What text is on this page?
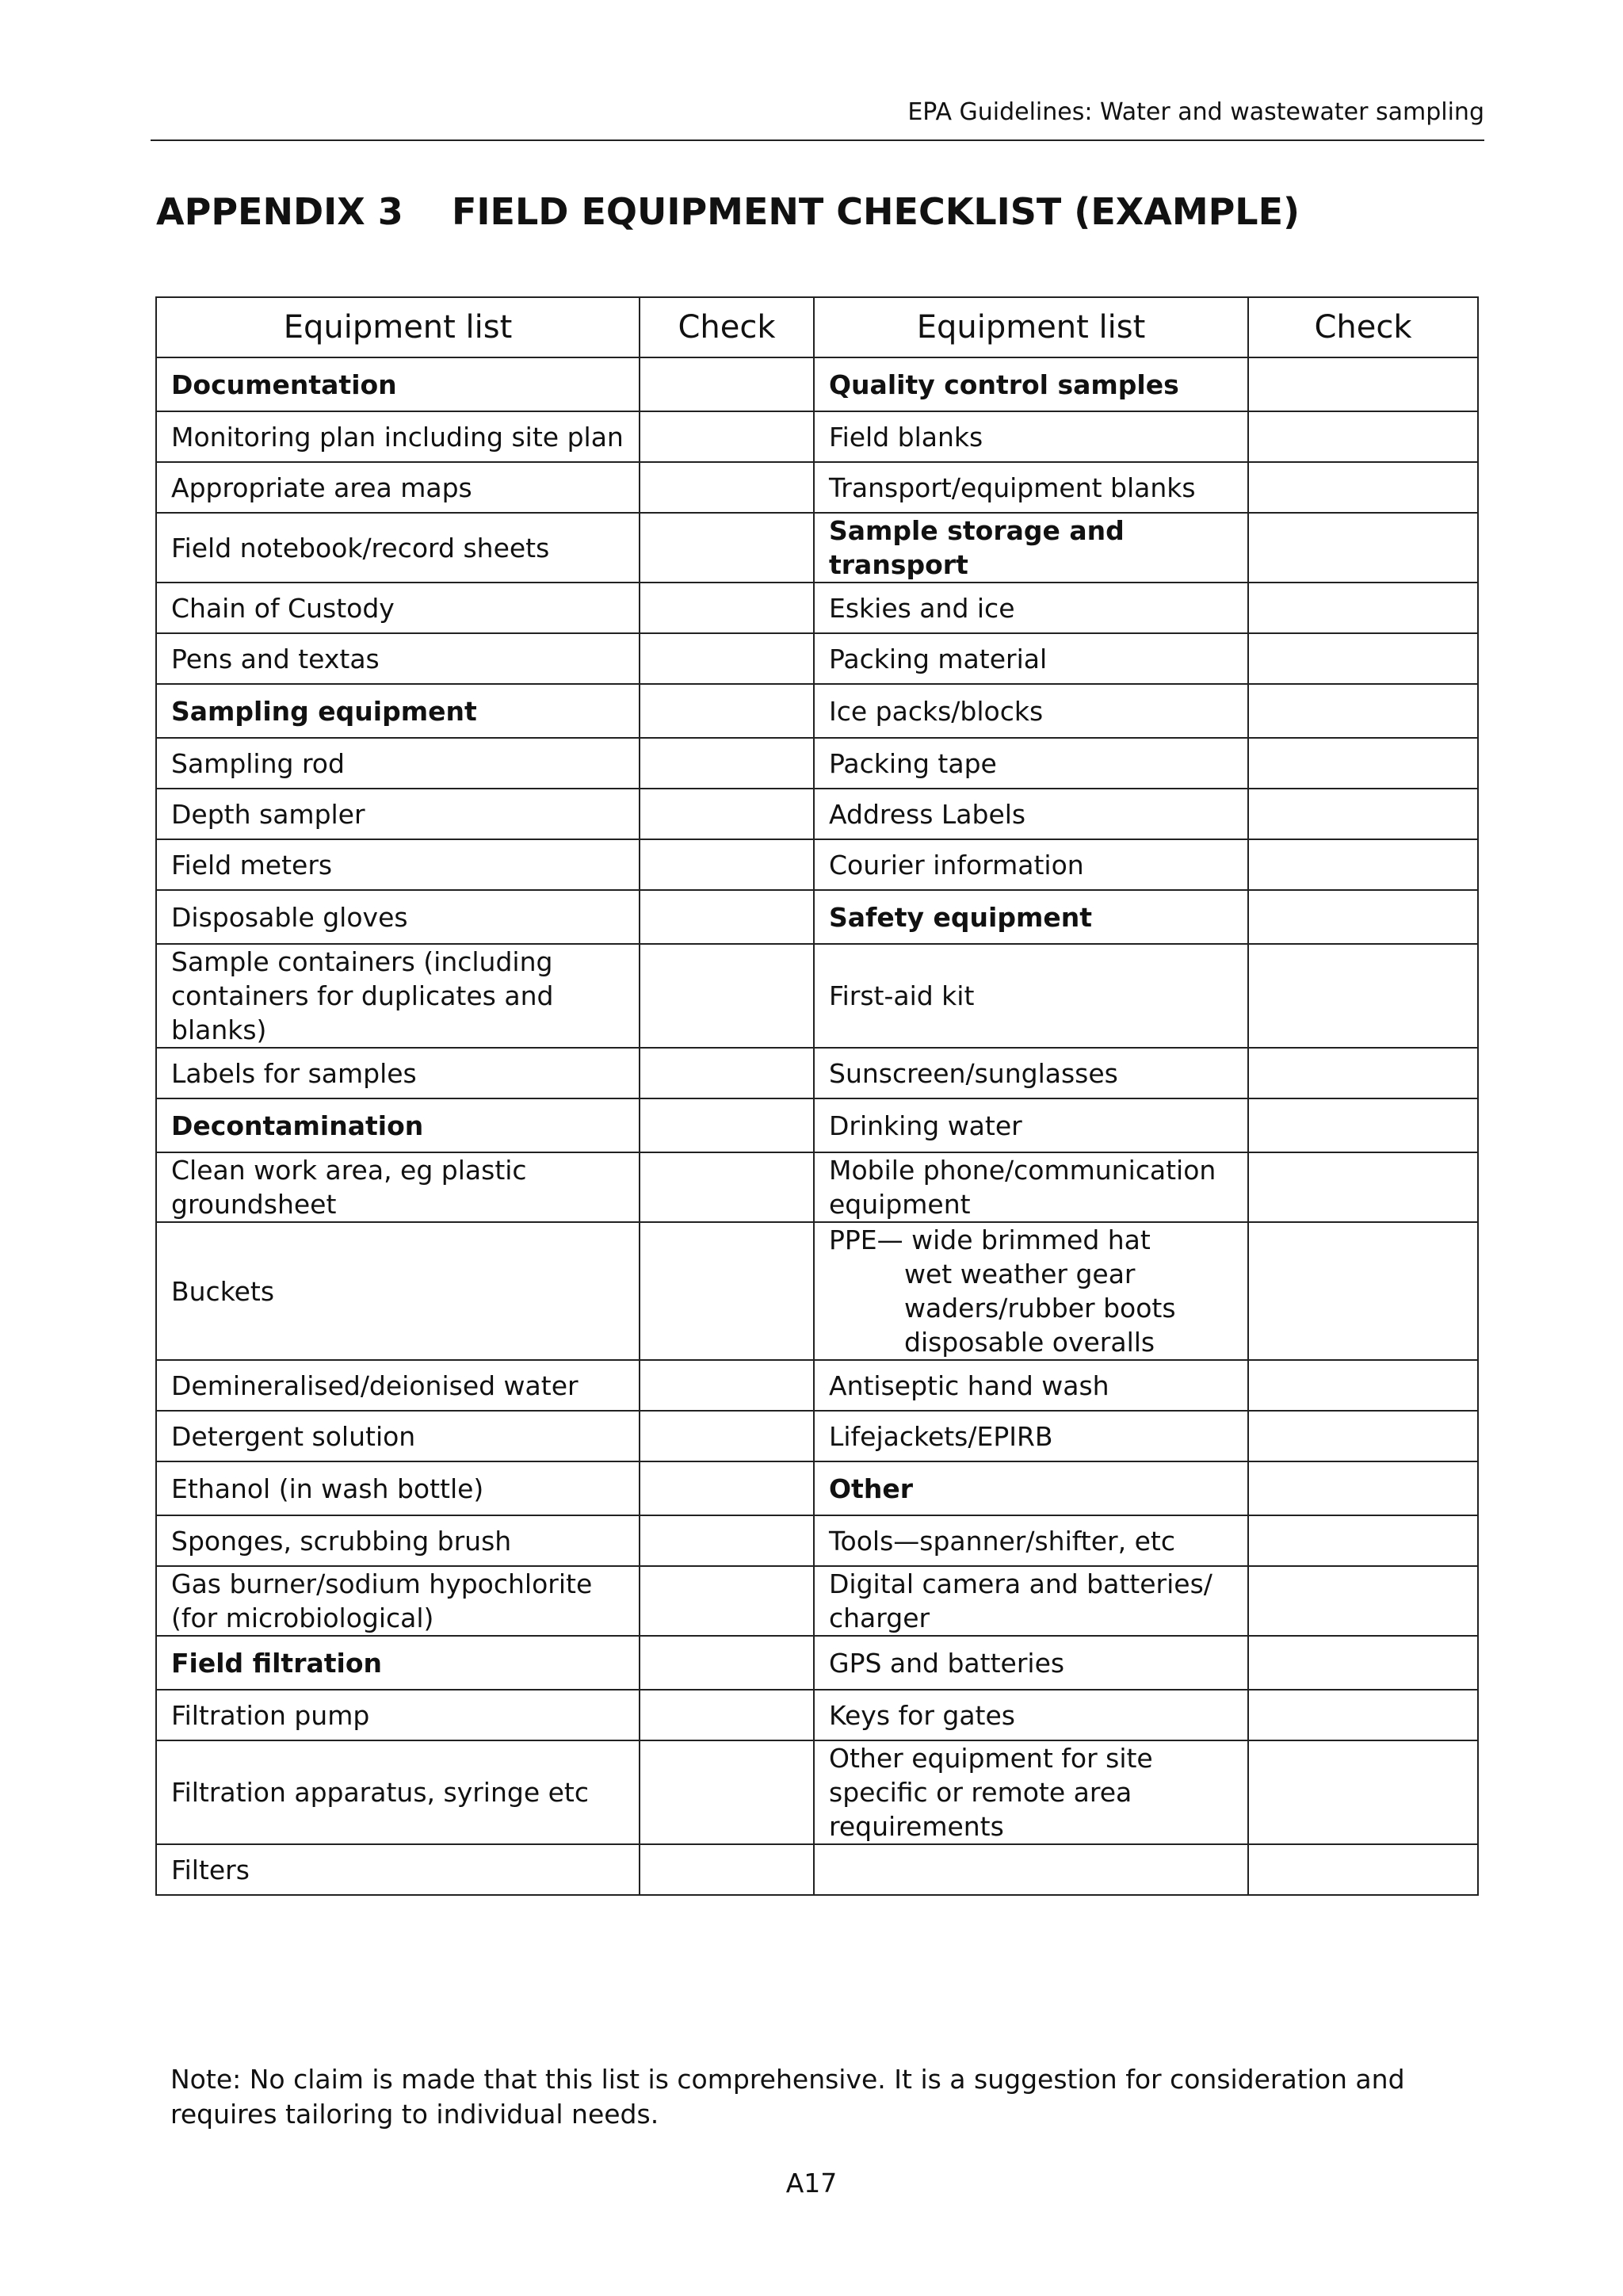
EPA Guidelines: Water and wastewater sampling
APPENDIX 3 FIELD EQUIPMENT CHECKLIST (EXAMPLE)
Equipment list	Check	Equipment list	Check
Documentation		Quality control samples	
Monitoring plan including site plan		Field blanks	
Appropriate area maps		Transport/equipment blanks	
Field notebook/record sheets		Sample storage and transport	
Chain of Custody		Eskies and ice	
Pens and textas		Packing material	
Sampling equipment		Ice packs/blocks	
Sampling rod		Packing tape	
Depth sampler		Address Labels	
Field meters		Courier information	
Disposable gloves		Safety equipment	
Sample containers (including containers for duplicates and blanks)		First-aid kit	
Labels for samples		Sunscreen/sunglasses	
Decontamination		Drinking water	
Clean work area, eg plastic groundsheet		Mobile phone/communication equipment	
Buckets		PPE— wide brimmed hat
wet weather gear
waders/rubber boots
disposable overalls	

Demineralised/deionised water		Antiseptic hand wash	
Detergent solution		Lifejackets/EPIRB	
Ethanol (in wash bottle)		Other	
Sponges, scrubbing brush		Tools—spanner/shifter, etc	
Gas burner/sodium hypochlorite (for microbiological)		Digital camera and batteries/ charger	
Field filtration		GPS and batteries	
Filtration pump		Keys for gates	
Filtration apparatus, syringe etc		Other equipment for site specific or remote area requirements	
Filters			
Note: No claim is made that this list is comprehensive. It is a suggestion for consideration and requires tailoring to individual needs.
A17
